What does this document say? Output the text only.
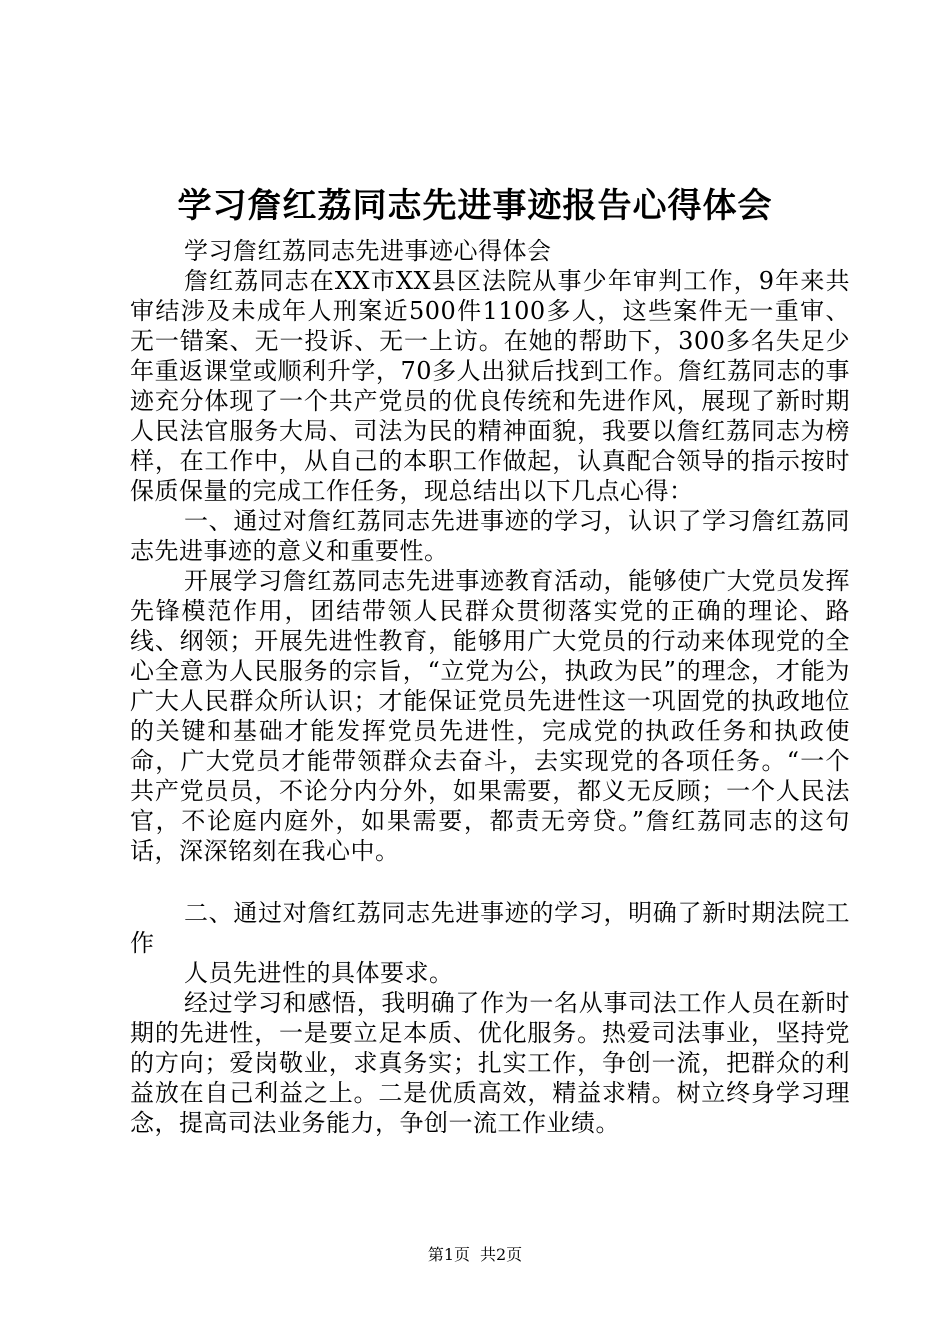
学习詹红荔同志先进事迹报告心得体会

学习詹红荔同志先进事迹心得体会

詹红荔同志在XX市XX县区法院从事少年审判工作，9年来共审结涉及未成年人刑案近500件1100多人，这些案件无一重审、无一错案、无一投诉、无一上访。在她的帮助下，300多名失足少年重返课堂或顺利升学，70多人出狱后找到工作。詹红荔同志的事迹充分体现了一个共产党员的优良传统和先进作风，展现了新时期人民法官服务大局、司法为民的精神面貌，我要以詹红荔同志为榜样，在工作中，从自己的本职工作做起，认真配合领导的指示按时保质保量的完成工作任务，现总结出以下几点心得：

一、通过对詹红荔同志先进事迹的学习，认识了学习詹红荔同志先进事迹的意义和重要性。

开展学习詹红荔同志先进事迹教育活动，能够使广大党员发挥先锋模范作用，团结带领人民群众贯彻落实党的正确的理论、路线、纲领；开展先进性教育，能够用广大党员的行动来体现党的全心全意为人民服务的宗旨，“立党为公，执政为民”的理念，才能为广大人民群众所认识；才能保证党员先进性这一巩固党的执政地位的关键和基础才能发挥党员先进性，完成党的执政任务和执政使命，广大党员才能带领群众去奋斗，去实现党的各项任务。“一个共产党员员，不论分内分外，如果需要，都义无反顾；一个人民法官，不论庭内庭外，如果需要，都责无旁贷。”詹红荔同志的这句话，深深铭刻在我心中。

二、通过对詹红荔同志先进事迹的学习，明确了新时期法院工作

人员先进性的具体要求。

经过学习和感悟，我明确了作为一名从事司法工作人员在新时期的先进性，一是要立足本质、优化服务。热爱司法事业，坚持党的方向；爱岗敬业，求真务实；扎实工作，争创一流，把群众的利益放在自己利益之上。二是优质高效，精益求精。树立终身学习理念，提高司法业务能力，争创一流工作业绩。

第1页 共2页
